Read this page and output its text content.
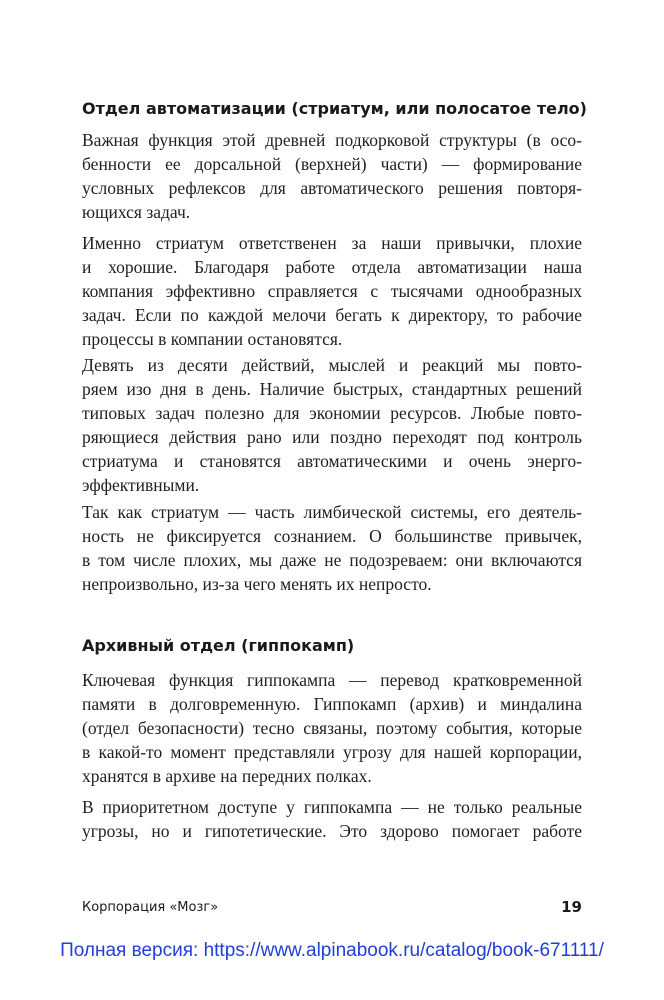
Отдел автоматизации (стриатум, или полосатое тело)
Важная функция этой древней подкорковой структуры (в осо-
бенности ее дорсальной (верхней) части) — формирование
условных рефлексов для автоматического решения повторя-
ющихся задач.
Именно стриатум ответственен за наши привычки, плохие
и хорошие. Благодаря работе отдела автоматизации наша
компания эффективно справляется с тысячами однообразных
задач. Если по каждой мелочи бегать к директору, то рабочие
процессы в компании остановятся.
Девять из десяти действий, мыслей и реакций мы повто-
ряем изо дня в день. Наличие быстрых, стандартных решений
типовых задач полезно для экономии ресурсов. Любые повто-
ряющиеся действия рано или поздно переходят под контроль
стриатума и становятся автоматическими и очень энерго-
эффективными.
Так как стриатум — часть лимбической системы, его деятель-
ность не фиксируется сознанием. О большинстве привычек,
в том числе плохих, мы даже не подозреваем: они включаются
непроизвольно, из-за чего менять их непросто.
Архивный отдел (гиппокамп)
Ключевая функция гиппокампа — перевод кратковременной
памяти в долговременную. Гиппокамп (архив) и миндалина
(отдел безопасности) тесно связаны, поэтому события, которые
в какой-то момент представляли угрозу для нашей корпорации,
хранятся в архиве на передних полках.
В приоритетном доступе у гиппокампа — не только реальные
угрозы, но и гипотетические. Это здорово помогает работе
Корпорация «Мозг»	19
Полная версия: https://www.alpinabook.ru/catalog/book-671111/
